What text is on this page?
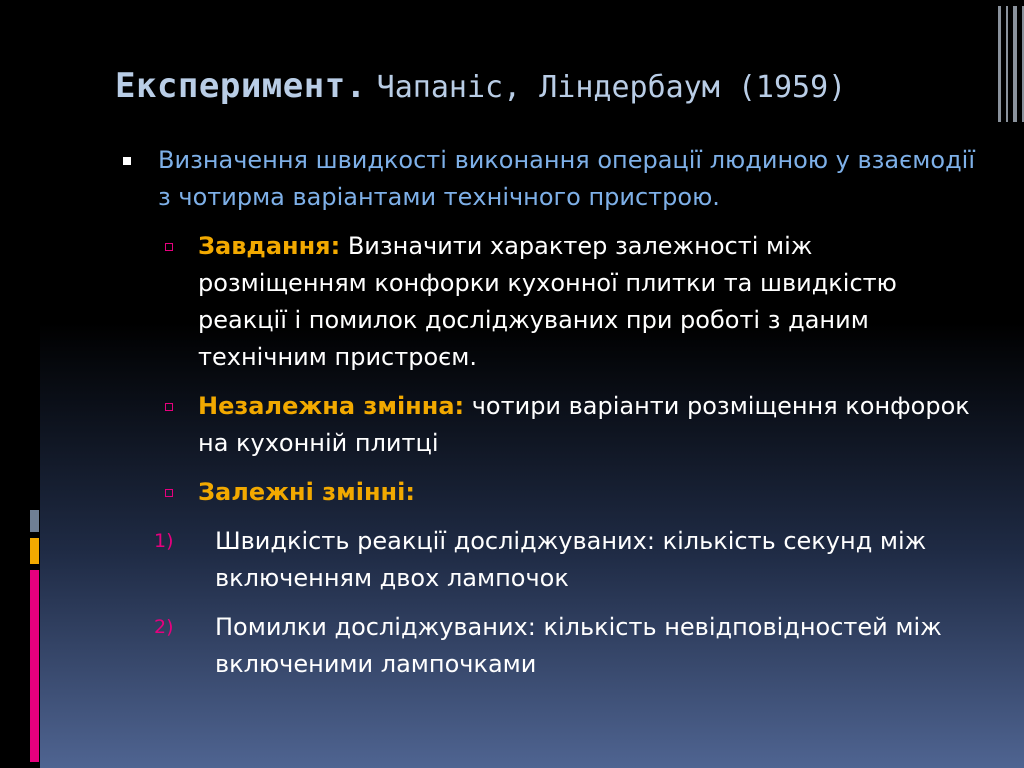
Експеримент. Чапаніс, Ліндербаум (1959)
Визначення швидкості виконання операції людиною у взаємодії з чотирма варіантами технічного пристрою.
Завдання: Визначити характер залежності між розміщенням конфорки кухонної плитки та швидкістю реакції і помилок досліджуваних при роботі з даним технічним пристроєм.
Незалежна змінна: чотири варіанти розміщення конфорок на кухонній плитці
Залежні змінні:
1) Швидкість реакції досліджуваних: кількість секунд між включенням двох лампочок
2) Помилки досліджуваних: кількість невідповідностей між включеними лампочками
